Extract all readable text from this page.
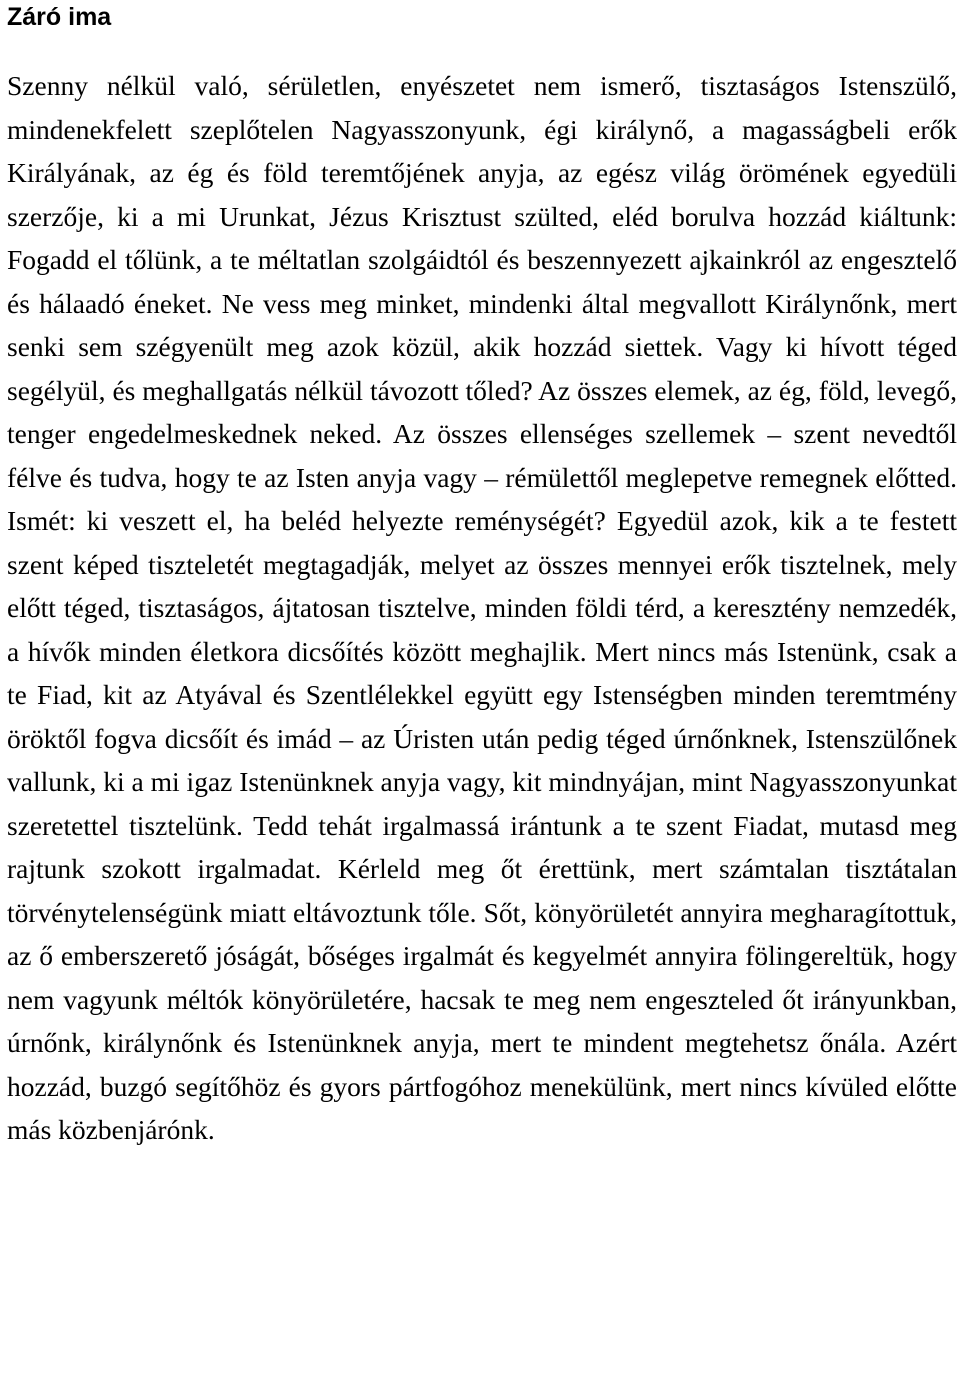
Záró ima

Szenny nélkül való, sérületlen, enyészetet nem ismerő, tisztaságos Istenszülő, mindenekfelett szeplőtelen Nagyasszonyunk, égi királynő, a magasságbeli erők Királyának, az ég és föld teremtőjének anyja, az egész világ örömének egyedüli szerzője, ki a mi Urunkat, Jézus Krisztust szülted, eléd borulva hozzád kiáltunk: Fogadd el tőlünk, a te méltatlan szolgáidtól és beszennyezett ajkainkról az engesztelő és hálaadó éneket. Ne vess meg minket, mindenki által megvallott Királynőnk, mert senki sem szégyenült meg azok közül, akik hozzád siettek. Vagy ki hívott téged segélyül, és meghallgatás nélkül távozott tőled? Az összes elemek, az ég, föld, levegő, tenger engedelmeskednek neked. Az összes ellenséges szellemek – szent nevedtől félve és tudva, hogy te az Isten anyja vagy – rémülettől meglepetve remegnek előtted. Ismét: ki veszett el, ha beléd helyezte reménységét? Egyedül azok, kik a te festett szent képed tiszteletét megtagadják, melyet az összes mennyei erők tisztelnek, mely előtt téged, tisztaságos, ájtatosan tisztelve, minden földi térd, a keresztény nemzedék, a hívők minden életkora dicsőítés között meghajlik. Mert nincs más Istenünk, csak a te Fiad, kit az Atyával és Szentlélekkel együtt egy Istenségben minden teremtmény öröktől fogva dicsőít és imád – az Úristen után pedig téged úrnőnknek, Istenszülőnek vallunk, ki a mi igaz Istenünknek anyja vagy, kit mindnyájan, mint Nagyasszonyunkat szeretettel tisztelünk. Tedd tehát irgalmassá irántunk a te szent Fiadat, mutasd meg rajtunk szokott irgalmadat. Kérleld meg őt érettünk, mert számtalan tisztátalan törvénytelenségünk miatt eltávoztunk tőle. Sőt, könyörületét annyira megharagítottuk, az ő emberszerető jóságát, bőséges irgalmát és kegyelmét annyira fölingereltük, hogy nem vagyunk méltók könyörületére, hacsak te meg nem engeszteled őt irányunkban, úrnőnk, királynőnk és Istenünknek anyja, mert te mindent megtehetsz őnála. Azért hozzád, buzgó segítőhöz és gyors pártfogóhoz menekülünk, mert nincs kívüled előtte más közbenjárónk.
